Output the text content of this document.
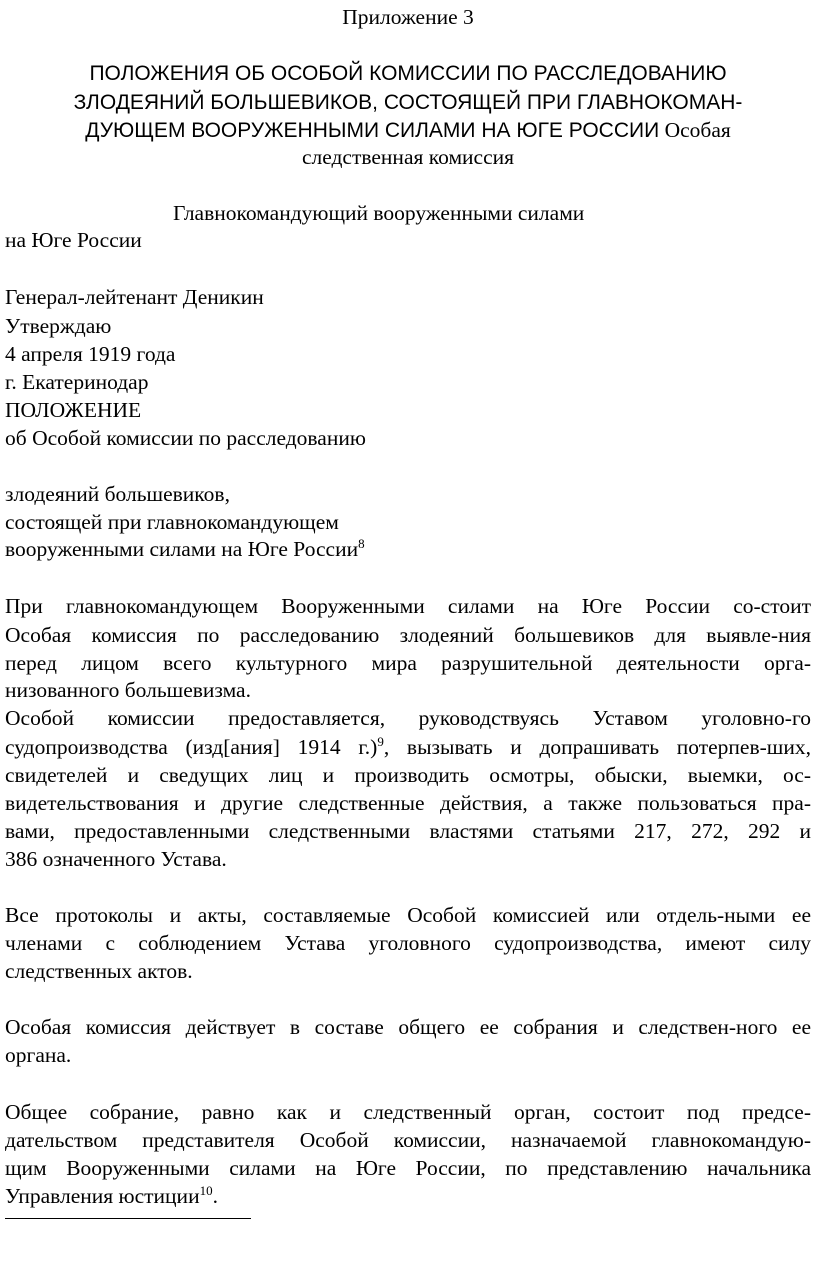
Приложение 3
ПОЛОЖЕНИЯ ОБ ОСОБОЙ КОМИССИИ ПО РАССЛЕДОВАНИЮ
ЗЛОДЕЯНИЙ БОЛЬШЕВИКОВ, СОСТОЯЩЕЙ ПРИ ГЛАВНОКОМАН-
ДУЮЩЕМ ВООРУЖЕННЫМИ СИЛАМИ НА ЮГЕ РОССИИ Особая
следственная комиссия
Главнокомандующий вооруженными силами
на Юге России
Генерал-лейтенант Деникин
Утверждаю
4 апреля 1919 года
г. Екатеринодар
ПОЛОЖЕНИЕ
об Особой комиссии по расследованию
злодеяний большевиков,
состоящей при главнокомандующем
вооруженными силами на Юге России$^8$
При главнокомандующем Вооруженными силами на Юге России со-стоит
Особая комиссия по расследованию злодеяний большевиков для выявле-ния
перед лицом всего культурного мира разрушительной деятельности орга-
низованного большевизма.
Особой комиссии предоставляется, руководствуясь Уставом уголовно-го
судопроизводства (изд[ания] 1914 г.)$^9$, вызывать и допрашивать потерпев-ших,
свидетелей и сведущих лиц и производить осмотры, обыски, выемки, ос-
видетельствования и другие следственные действия, а также пользоваться пра-
вами, предоставленными следственными властями статьями 217, 272, 292 и
386 означенного Устава.
Все протоколы и акты, составляемые Особой комиссией или отдель-ными ее
членами с соблюдением Устава уголовного судопроизводства, имеют силу
следственных актов.
Особая комиссия действует в составе общего ее собрания и следствен-ного ее
органа.
Общее собрание, равно как и следственный орган, состоит под предсе-
дательством представителя Особой комиссии, назначаемой главнокомандую-
щим Вооруженными силами на Юге России, по представлению начальника
Управления юстиции$^{10}$.
